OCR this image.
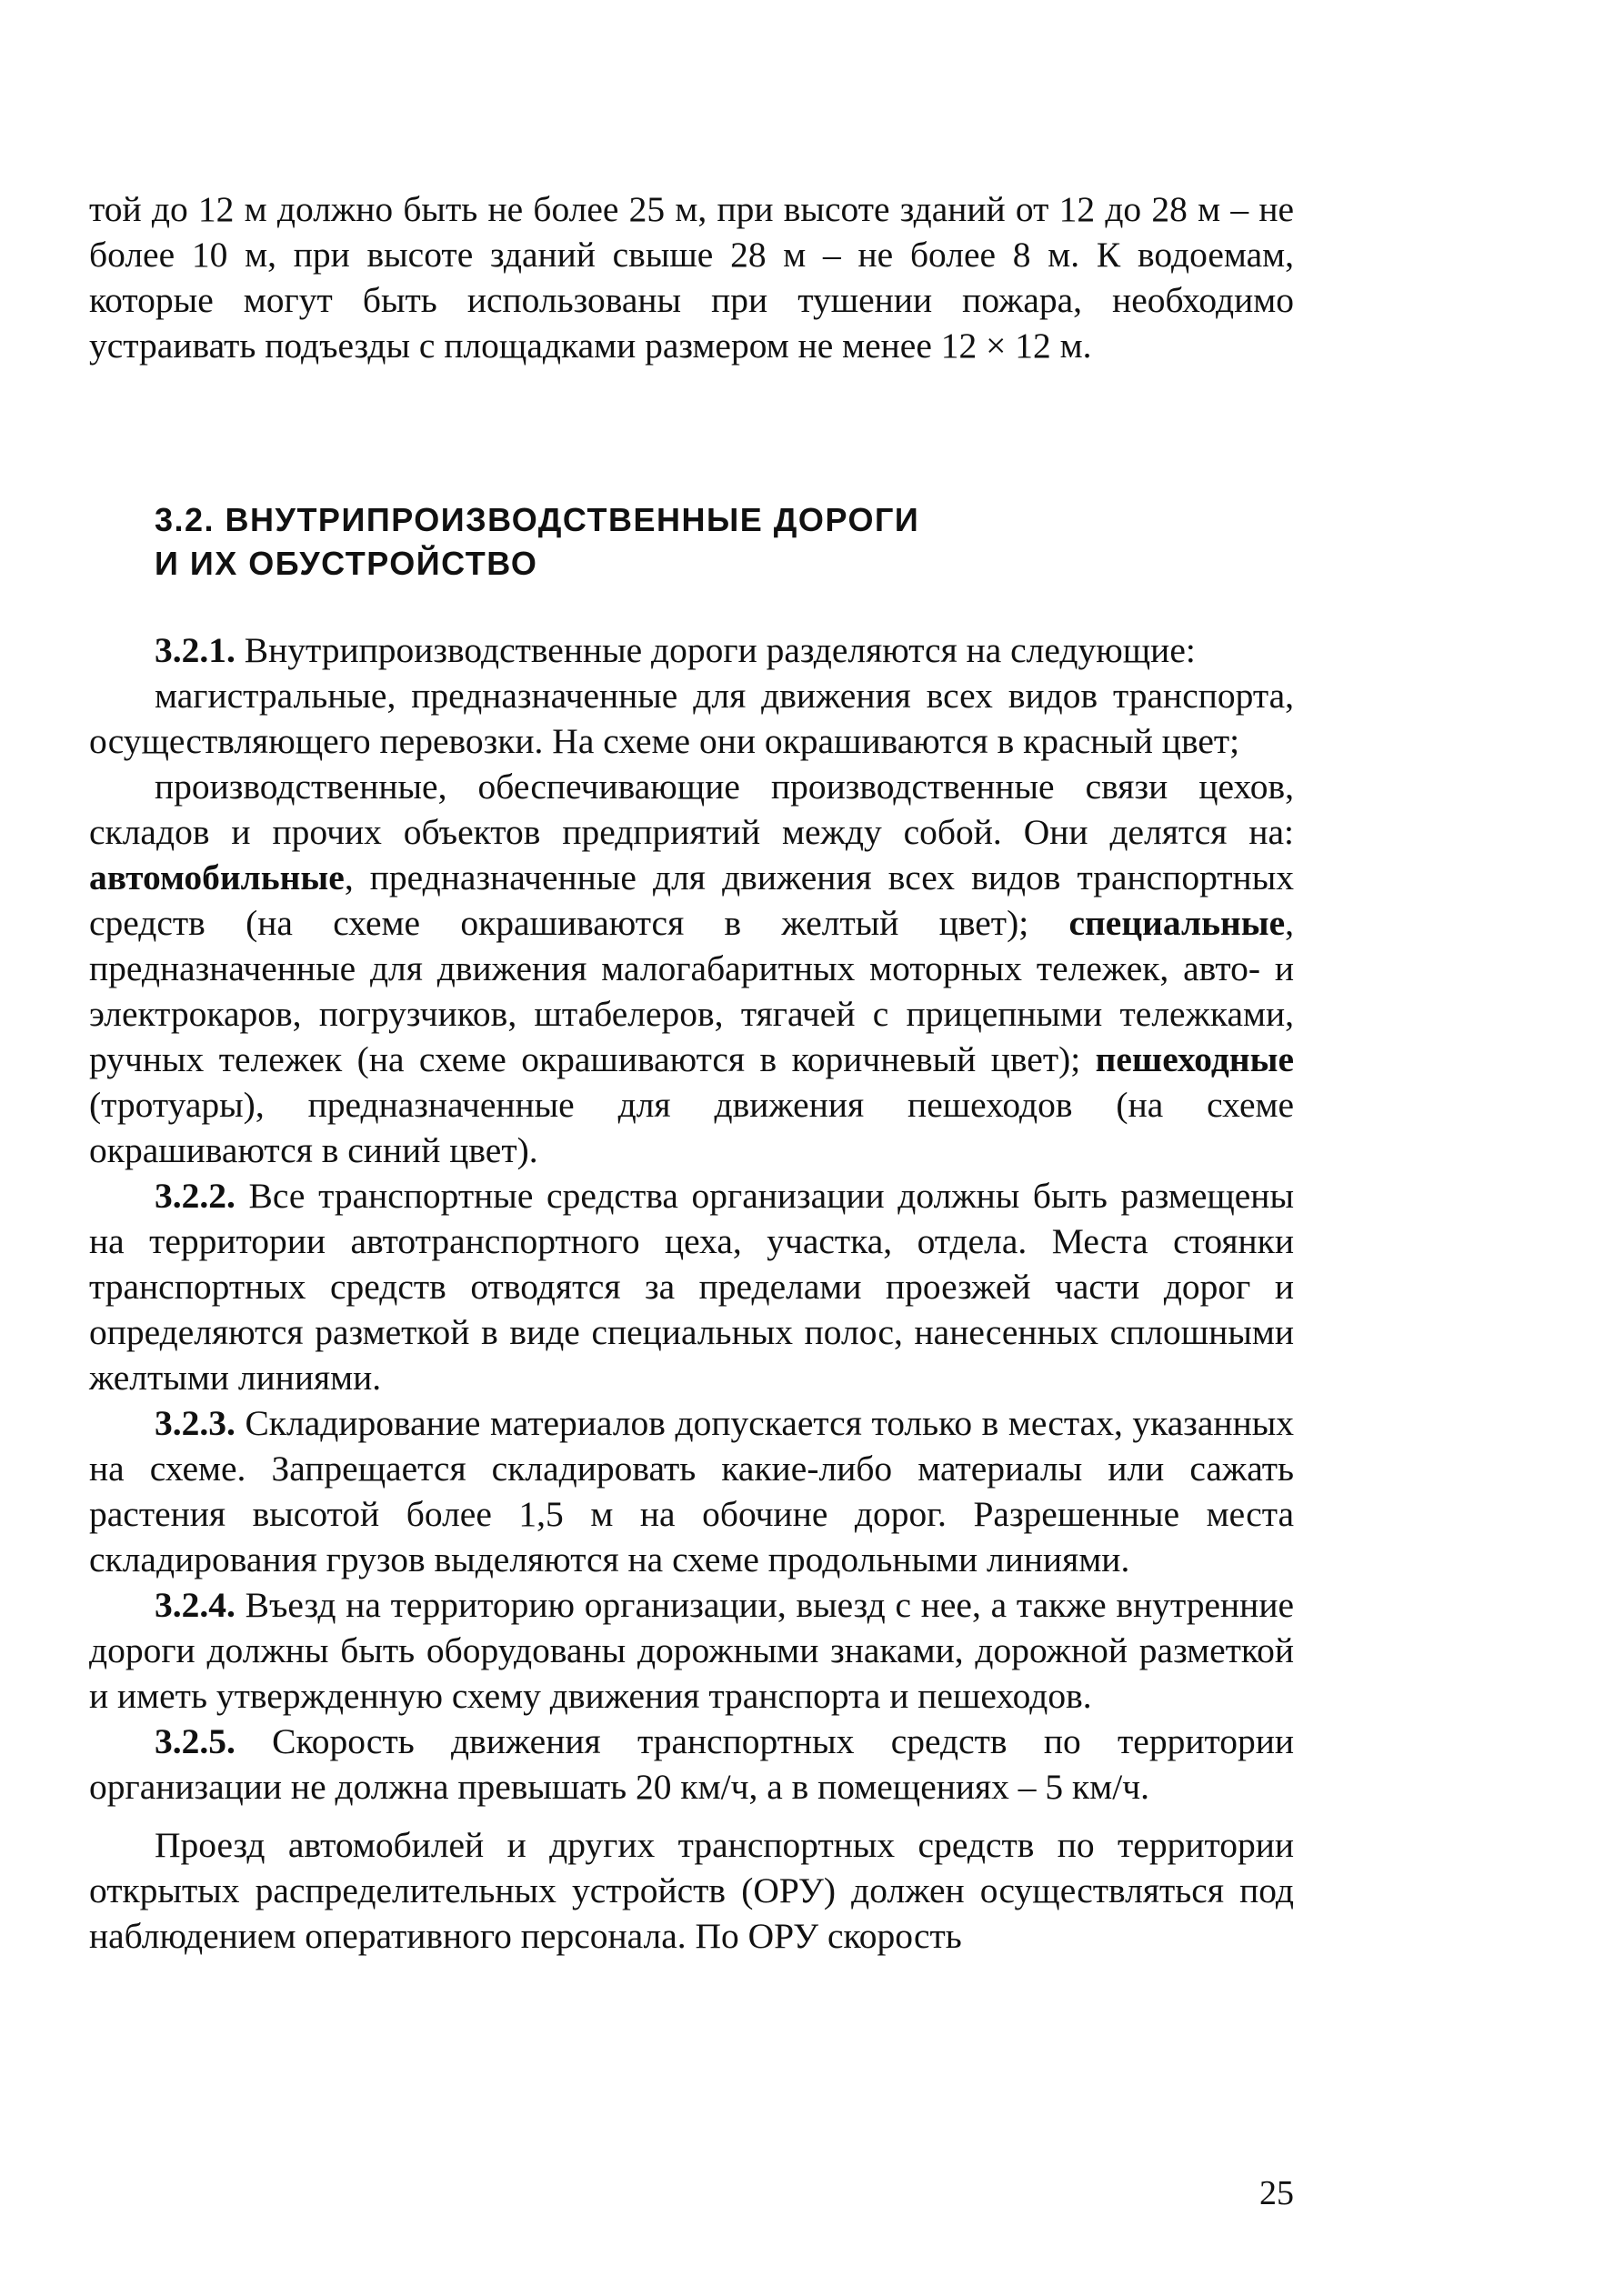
той до 12 м должно быть не более 25 м, при высоте зданий от 12 до 28 м – не более 10 м, при высоте зданий свыше 28 м – не более 8 м. К водоемам, которые могут быть использованы при тушении пожара, необходимо устраивать подъезды с площадками размером не менее 12 × 12 м.

3.2. ВНУТРИПРОИЗВОДСТВЕННЫЕ ДОРОГИ
И ИХ ОБУСТРОЙСТВО

3.2.1. Внутрипроизводственные дороги разделяются на следующие:

магистральные, предназначенные для движения всех видов транспорта, осуществляющего перевозки. На схеме они окрашиваются в красный цвет;

производственные, обеспечивающие производственные связи цехов, складов и прочих объектов предприятий между собой. Они делятся на: автомобильные, предназначенные для движения всех видов транспортных средств (на схеме окрашиваются в желтый цвет); специальные, предназначенные для движения малогабаритных моторных тележек, авто- и электрокаров, погрузчиков, штабелеров, тягачей с прицепными тележками, ручных тележек (на схеме окрашиваются в коричневый цвет); пешеходные (тротуары), предназначенные для движения пешеходов (на схеме окрашиваются в синий цвет).

3.2.2. Все транспортные средства организации должны быть размещены на территории автотранспортного цеха, участка, отдела. Места стоянки транспортных средств отводятся за пределами проезжей части дорог и определяются разметкой в виде специальных полос, нанесенных сплошными желтыми линиями.

3.2.3. Складирование материалов допускается только в местах, указанных на схеме. Запрещается складировать какие-либо материалы или сажать растения высотой более 1,5 м на обочине дорог. Разрешенные места складирования грузов выделяются на схеме продольными линиями.

3.2.4. Въезд на территорию организации, выезд с нее, а также внутренние дороги должны быть оборудованы дорожными знаками, дорожной разметкой и иметь утвержденную схему движения транспорта и пешеходов.

3.2.5. Скорость движения транспортных средств по территории организации не должна превышать 20 км/ч, а в помещениях – 5 км/ч.

Проезд автомобилей и других транспортных средств по территории открытых распределительных устройств (ОРУ) должен осуществляться под наблюдением оперативного персонала. По ОРУ скорость

25
